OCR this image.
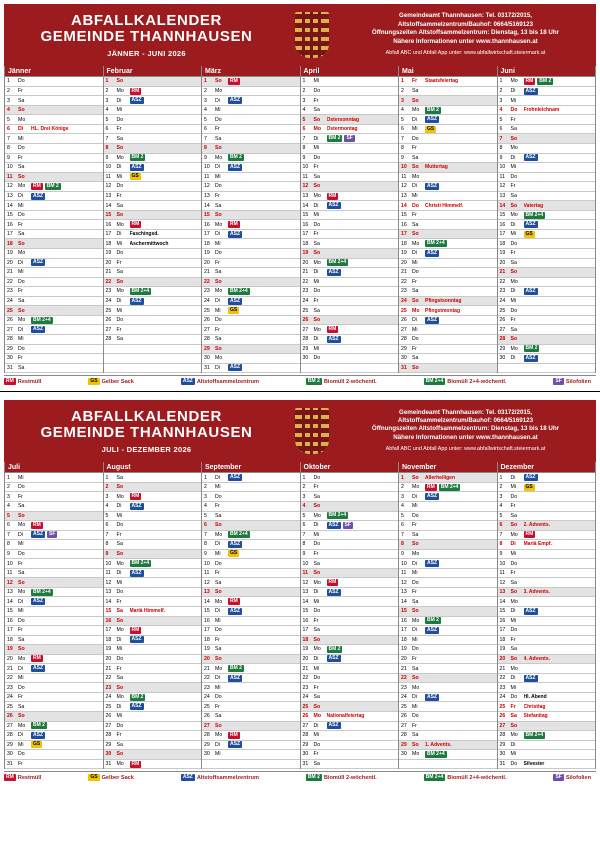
ABFALLKALENDER
GEMEINDE THANNHAUSEN
JÄNNER - JUNI 2026
Gemeindeamt Thannhausen: Tel. 03172/2015,
Altstoffsammelzentrum/Bauhof: 0664/5169123
Öffnungszeiten Altstoffsammelzentrum: Dienstag, 13 bis 18 Uhr
Nähere Informationen unter www.thannhausen.at
Abfall ABC und Abfall App unter: www.abfallwirtschaft.steiermark.at
Jänner
1	Do
2	Fr
3	Sa
4	So
5	Mo
6	Di	HL. Drei Könige
7	Mi
8	Do
9	Fr
10	Sa
11	So
12	Mo	RM	BM 2
13	Di	ASZ
14	Mi
15	Do
16	Fr
17	Sa
18	So
19	Mo
20	Di	ASZ
21	Mi
22	Do
23	Fr
24	Sa
25	So
26	Mo	BM 2+4
27	Di	ASZ
28	Mi
29	Do
30	Fr
31	Sa
Februar
1	So
2	Mo	RM
3	Di	ASZ
4	Mi
5	Do
6	Fr
7	Sa
8	So
9	Mo	BM 2
10	Di	ASZ
11	Mi	GS
12	Do
13	Fr
14	Sa
15	So
16	Mo	RM
17	Di	Faschingsd.
18	Mi	Aschermittwoch
19	Do
20	Fr
21	Sa
22	So
23	Mo	BM 2+4
24	Di	ASZ
25	Mi
26	Do
27	Fr
28	Sa
März
1	So	RM
2	Mo
3	Di	ASZ
4	Mi
5	Do
6	Fr
7	Sa
8	So
9	Mo	BM 2
10	Di	ASZ
11	Mi
12	Do
13	Fr
14	Sa
15	So
16	Mo	RM
17	Di	ASZ
18	Mi
19	Do
20	Fr
21	Sa
22	So
23	Mo	BM 2+4
24	Di	ASZ
25	Mi	GS
26	Do
27	Fr
28	Sa
29	So
30	Mo
31	Di	ASZ
April
1	Mi
2	Do
3	Fr
4	Sa
5	So	Ostersonntag
6	Mo	Ostermontag
7	Di	BM 2	SF
8	Mi
9	Do
10	Fr
11	Sa
12	So
13	Mo	RM
14	Di	ASZ
15	Mi
16	Do
17	Fr
18	Sa
19	So
20	Mo	BM 2+4
21	Di	ASZ
22	Mi
23	Do
24	Fr
25	Sa
26	So
27	Mo	RM
28	Di	ASZ
29	Mi
30	Do
Mai
1	Fr	Staatsfeiertag
2	Sa
3	So
4	Mo	BM 2
5	Di	ASZ
6	Mi	GS
7	Do
8	Fr
9	Sa
10	So	Muttertag
11	Mo
12	Di	ASZ
13	Mi
14	Do	Christi Himmelf.
15	Fr
16	Sa
17	So
18	Mo	BM 2+4
19	Di	ASZ
20	Mi
21	Do
22	Fr
23	Sa
24	So	Pfingstsonntag
25	Mo	Pfingstmontag
26	Di	ASZ
27	Mi
28	Do
29	Fr
30	Sa
31	So
Juni
1	Mo	RM	BM 2
2	Di	ASZ
3	Mi
4	Do	Frohnleichnam
5	Fr
6	Sa
7	So
8	Mo
9	Di	ASZ
10	Mi
11	Do
12	Fr
13	Sa
14	So	Vatertag
15	Mo	BM 2+4
16	Di	ASZ
17	Mi	GS
18	Do
19	Fr
20	Sa
21	So
22	Mo
23	Di	ASZ
24	Mi
25	Do
26	Fr
27	Sa
28	So
29	Mo	BM 2
30	Di	ASZ
RM Restmüll	GS Gelber Sack	ASZ Altstoffsammelzentrum	BM 2 Biomüll 2-wöchentl.	BM 2+4 Biomüll 2+4-wöchentl.	SF Silofolien
ABFALLKALENDER
GEMEINDE THANNHAUSEN
JULI - DEZEMBER 2026
Gemeindeamt Thannhausen: Tel. 03172/2015,
Altstoffsammelzentrum/Bauhof: 0664/5169123
Öffnungszeiten Altstoffsammelzentrum: Dienstag, 13 bis 18 Uhr
Nähere Informationen unter www.thannhausen.at
Abfall ABC und Abfall App unter: www.abfallwirtschaft.steiermark.at
Juli
1	Mi
2	Do
3	Fr
4	Sa
5	So
6	Mo	RM
7	Di	ASZ	SF
8	Mi
9	Do
10	Fr
11	Sa
12	So
13	Mo	BM 2+4
14	Di	ASZ
15	Mi
16	Do
17	Fr
18	Sa
19	So
20	Mo	RM
21	Di	ASZ
22	Mi
23	Do
24	Fr
25	Sa
26	So
27	Mo	BM 2
28	Di	ASZ
29	Mi	GS
30	Do
31	Fr
August
1	Sa
2	So
3	Mo	RM
4	Di	ASZ
5	Mi
6	Do
7	Fr
8	Sa
9	So
10	Mo	BM 2+4
11	Di	ASZ
12	Mi
13	Do
14	Fr
15	Sa	Mariä Himmelf.
16	So
17	Mo	RM
18	Di	ASZ
19	Mi
20	Do
21	Fr
22	Sa
23	So
24	Mo	BM 2
25	Di	ASZ
26	Mi
27	Do
28	Fr
29	Sa
30	So
31	Mo	RM
September
1	Di	ASZ
2	Mi
3	Do
4	Fr
5	Sa
6	So
7	Mo	BM 2+4
8	Di	ASZ
9	Mi	GS
10	Do
11	Fr
12	Sa
13	So
14	Mo	RM
15	Di	ASZ
16	Mi
17	Do
18	Fr
19	Sa
20	So
21	Mo	BM 2
22	Di	ASZ
23	Mi
24	Do
25	Fr
26	Sa
27	So
28	Mo	RM
29	Di	ASZ
30	Mi
Oktober
1	Do
2	Fr
3	Sa
4	So
5	Mo	BM 2+4
6	Di	ASZ	SF
7	Mi
8	Do
9	Fr
10	Sa
11	So
12	Mo	RM
13	Di	ASZ
14	Mi
15	Do
16	Fr
17	Sa
18	So
19	Mo	BM 2
20	Di	ASZ
21	Mi
22	Do
23	Fr
24	Sa
25	So
26	Mo	Nationalfeiertag
27	Di	ASZ
28	Mi
29	Do
30	Fr
31	Sa
November
1	So	Allerheiligen
2	Mo	RM	BM 2+4
3	Di	ASZ
4	Mi
5	Do
6	Fr
7	Sa
8	So
9	Mo
10	Di	ASZ
11	Mi
12	Do
13	Fr
14	Sa
15	So
16	Mo	BM 2
17	Di	ASZ
18	Mi
19	Do
20	Fr
21	Sa
22	So
23	Mo
24	Di	ASZ
25	Mi
26	Do
27	Fr
28	Sa
29	So	1. Advents.
30	Mo	BM 2+4
Dezember
1	Di	ASZ
2	Mi	GS
3	Do
4	Fr
5	Sa
6	So	2. Advents.
7	Mo	RM
8	Di	Mariä Empf.
9	Mi
10	Do
11	Fr
12	Sa
13	So	3. Advents.
14	Mo
15	Di	ASZ
16	Mi
17	Do
18	Fr
19	Sa
20	So	4. Advents.
21	Mo
22	Di	ASZ
23	Mi
24	Do	Hl. Abend
25	Fr	Christtag
26	Sa	Stefanitag
27	So
28	Mo	BM 2+4
29	Di
30	Mi
31	Do	Silvester
RM Restmüll	GS Gelber Sack	ASZ Altstoffsammelzentrum	BM 2 Biomüll 2-wöchentl.	BM 2+4 Biomüll 2+4-wöchentl.	SF Silofolien
